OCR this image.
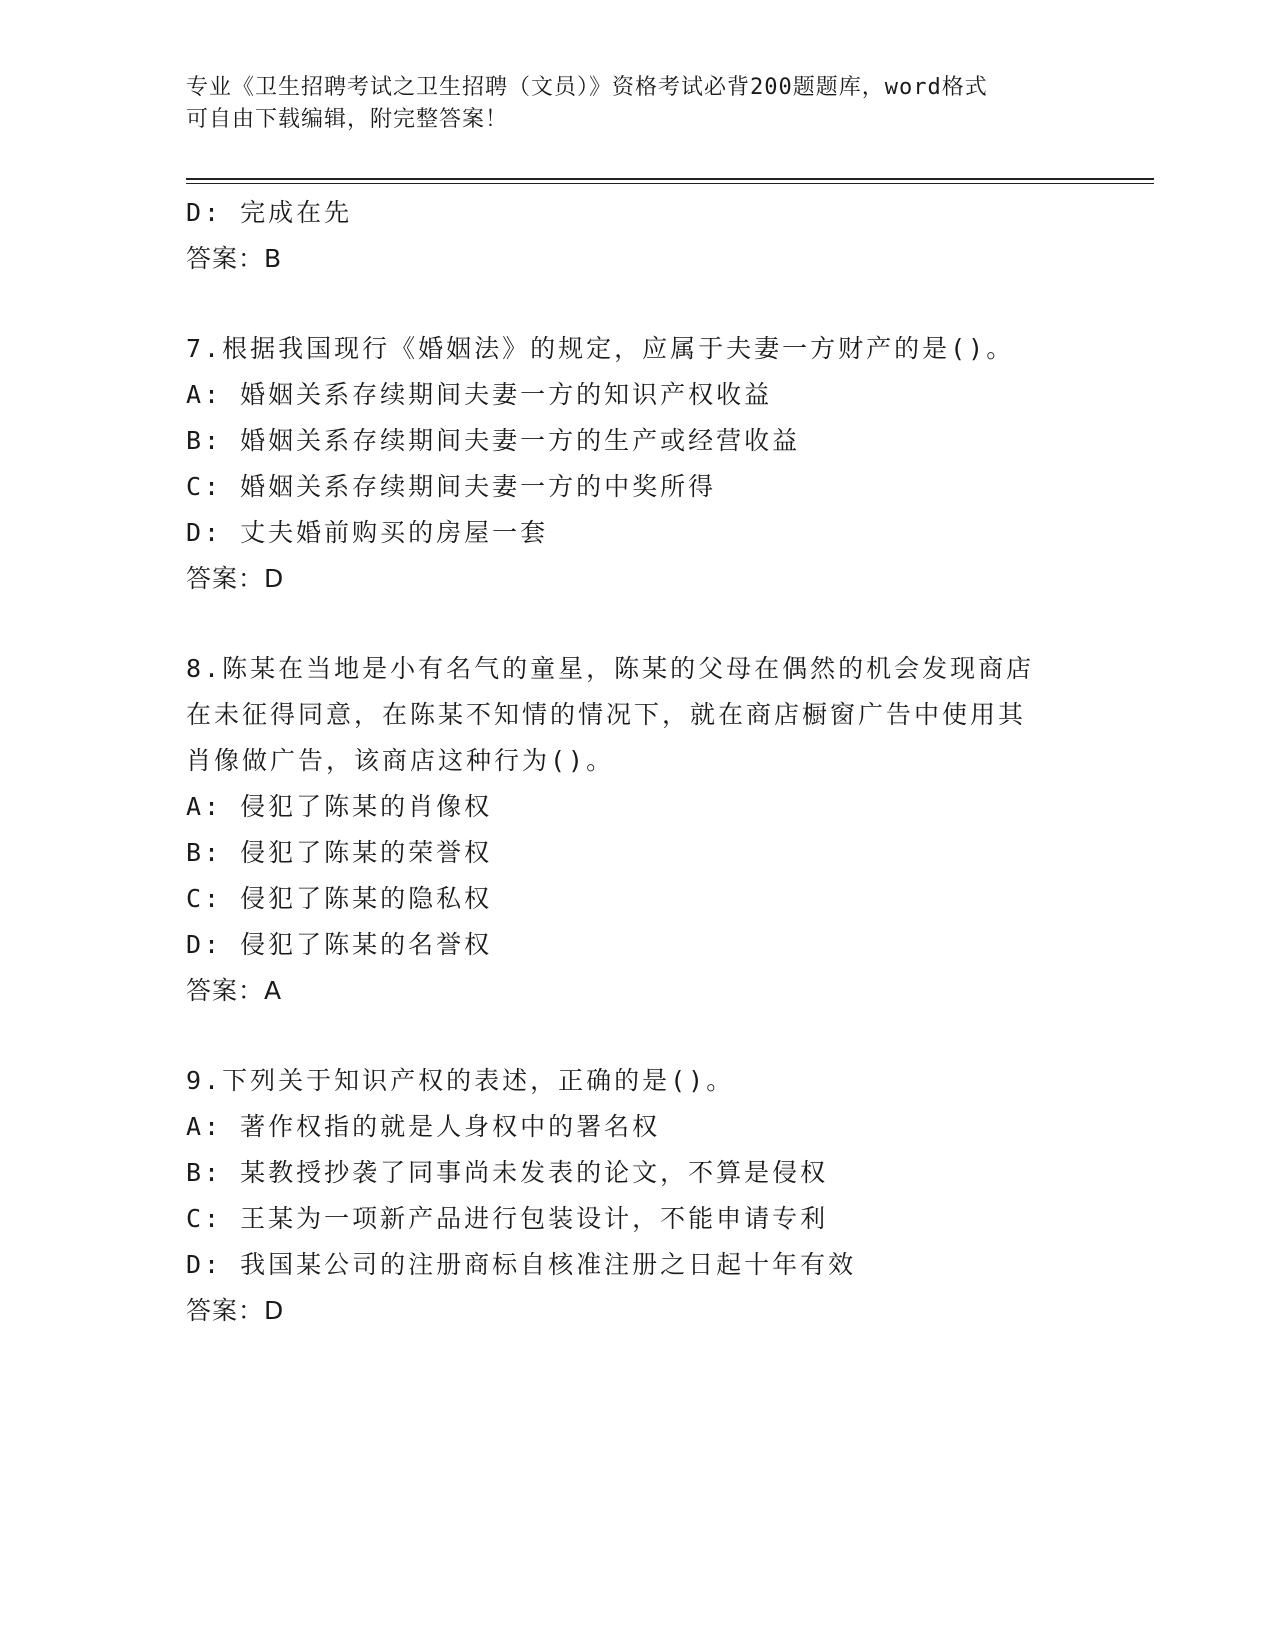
专业《卫生招聘考试之卫生招聘（文员）》资格考试必背200题题库，word格式
可自由下载编辑，附完整答案！
D: 完成在先
答案：B
7.根据我国现行《婚姻法》的规定，应属于夫妻一方财产的是()。
A: 婚姻关系存续期间夫妻一方的知识产权收益
B: 婚姻关系存续期间夫妻一方的生产或经营收益
C: 婚姻关系存续期间夫妻一方的中奖所得
D: 丈夫婚前购买的房屋一套
答案：D
8.陈某在当地是小有名气的童星，陈某的父母在偶然的机会发现商店
在未征得同意，在陈某不知情的情况下，就在商店橱窗广告中使用其
肖像做广告，该商店这种行为()。
A: 侵犯了陈某的肖像权
B: 侵犯了陈某的荣誉权
C: 侵犯了陈某的隐私权
D: 侵犯了陈某的名誉权
答案：A
9.下列关于知识产权的表述，正确的是()。
A: 著作权指的就是人身权中的署名权
B: 某教授抄袭了同事尚未发表的论文，不算是侵权
C: 王某为一项新产品进行包装设计，不能申请专利
D: 我国某公司的注册商标自核准注册之日起十年有效
答案：D
